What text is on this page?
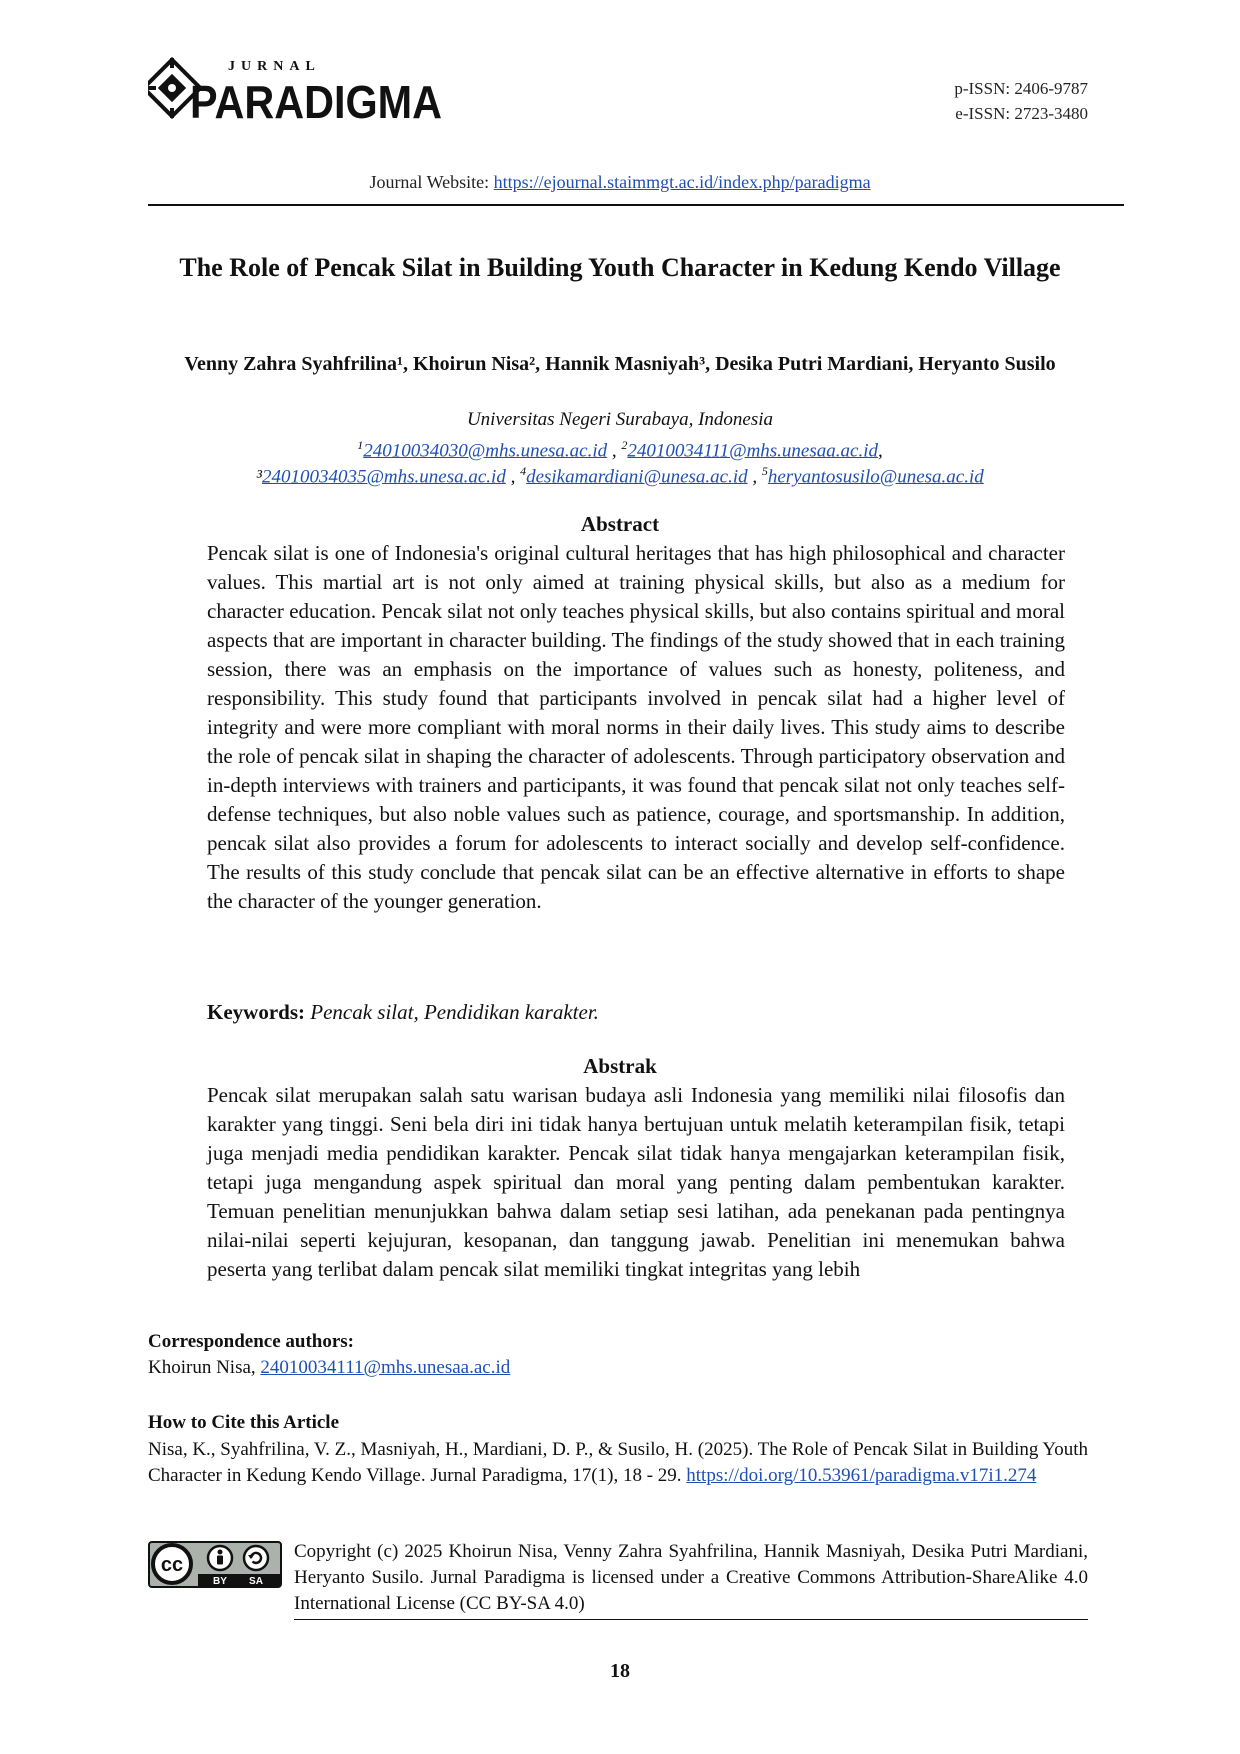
JURNAL
PARADIGMA	p-ISSN: 2406-9787
e-ISSN: 2723-3480
Journal Website: https://ejournal.staimmgt.ac.id/index.php/paradigma
The Role of Pencak Silat in Building Youth Character in Kedung Kendo Village
Venny Zahra Syahfrilina¹, Khoirun Nisa², Hannik Masniyah³, Desika Putri Mardiani, Heryanto Susilo
Universitas Negeri Surabaya, Indonesia
$^1$24010034030@mhs.unesa.ac.id , $^2$24010034111@mhs.unesaa.ac.id,
³24010034035@mhs.unesa.ac.id , $^4$desikamardiani@unesa.ac.id , $^5$heryantosusilo@unesa.ac.id
Abstract
Pencak silat is one of Indonesia's original cultural heritages that has high philosophical and character values. This martial art is not only aimed at training physical skills, but also as a medium for character education. Pencak silat not only teaches physical skills, but also contains spiritual and moral aspects that are important in character building. The findings of the study showed that in each training session, there was an emphasis on the importance of values such as honesty, politeness, and responsibility. This study found that participants involved in pencak silat had a higher level of integrity and were more compliant with moral norms in their daily lives. This study aims to describe the role of pencak silat in shaping the character of adolescents. Through participatory observation and in-depth interviews with trainers and participants, it was found that pencak silat not only teaches self-defense techniques, but also noble values such as patience, courage, and sportsmanship. In addition, pencak silat also provides a forum for adolescents to interact socially and develop self-confidence. The results of this study conclude that pencak silat can be an effective alternative in efforts to shape the character of the younger generation.
Keywords: Pencak silat, Pendidikan karakter.
Abstrak
Pencak silat merupakan salah satu warisan budaya asli Indonesia yang memiliki nilai filosofis dan karakter yang tinggi. Seni bela diri ini tidak hanya bertujuan untuk melatih keterampilan fisik, tetapi juga menjadi media pendidikan karakter. Pencak silat tidak hanya mengajarkan keterampilan fisik, tetapi juga mengandung aspek spiritual dan moral yang penting dalam pembentukan karakter. Temuan penelitian menunjukkan bahwa dalam setiap sesi latihan, ada penekanan pada pentingnya nilai-nilai seperti kejujuran, kesopanan, dan tanggung jawab. Penelitian ini menemukan bahwa peserta yang terlibat dalam pencak silat memiliki tingkat integritas yang lebih
Correspondence authors:
Khoirun Nisa, 24010034111@mhs.unesaa.ac.id
How to Cite this Article
Nisa, K., Syahfrilina, V. Z., Masniyah, H., Mardiani, D. P., & Susilo, H. (2025). The Role of Pencak Silat in Building Youth Character in Kedung Kendo Village. Jurnal Paradigma, 17(1), 18 - 29. https://doi.org/10.53961/paradigma.v17i1.274
cc
BY SA
Copyright (c) 2025 Khoirun Nisa, Venny Zahra Syahfrilina, Hannik Masniyah, Desika Putri Mardiani, Heryanto Susilo. Jurnal Paradigma is licensed under a Creative Commons Attribution-ShareAlike 4.0 International License (CC BY-SA 4.0)
18
